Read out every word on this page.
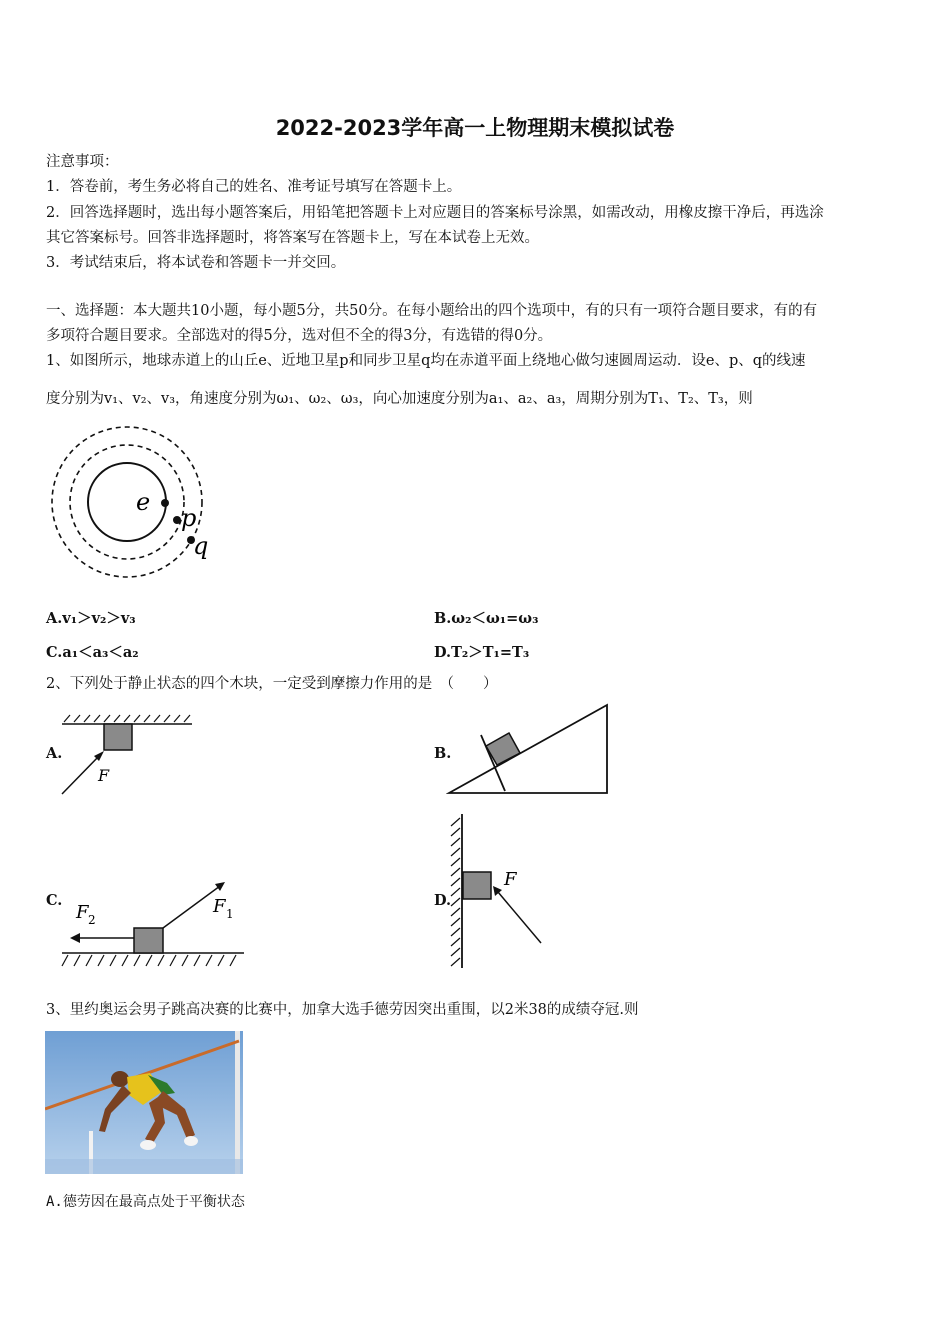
2022-2023学年高一上物理期末模拟试卷
注意事项：
1．答卷前，考生务必将自己的姓名、准考证号填写在答题卡上。
2．回答选择题时，选出每小题答案后，用铅笔把答题卡上对应题目的答案标号涂黑，如需改动，用橡皮擦干净后，再选涂
其它答案标号。回答非选择题时，将答案写在答题卡上，写在本试卷上无效。
3．考试结束后，将本试卷和答题卡一并交回。
一、选择题：本大题共10小题，每小题5分，共50分。在每小题给出的四个选项中，有的只有一项符合题目要求，有的有
多项符合题目要求。全部选对的得5分，选对但不全的得3分，有选错的得0分。
1、如图所示，地球赤道上的山丘e、近地卫星p和同步卫星q均在赤道平面上绕地心做匀速圆周运动．设e、p、q的线速
度分别为v₁、v₂、v₃，角速度分别为ω₁、ω₂、ω₃，向心加速度分别为a₁、a₂、a₃，周期分别为T₁、T₂、T₃，则
e
p
q
A.v₁＞v₂＞v₃	B.ω₂＜ω₁=ω₃
C.a₁＜a₃＜a₂	D.T₂＞T₁=T₃
2、下列处于静止状态的四个木块，一定受到摩擦力作用的是　（　　）
A.
F
B.
C.
F 2
F 1
D.
F
3、里约奥运会男子跳高决赛的比赛中，加拿大选手德劳因突出重围，以2米38的成绩夺冠.则
A.德劳因在最高点处于平衡状态
